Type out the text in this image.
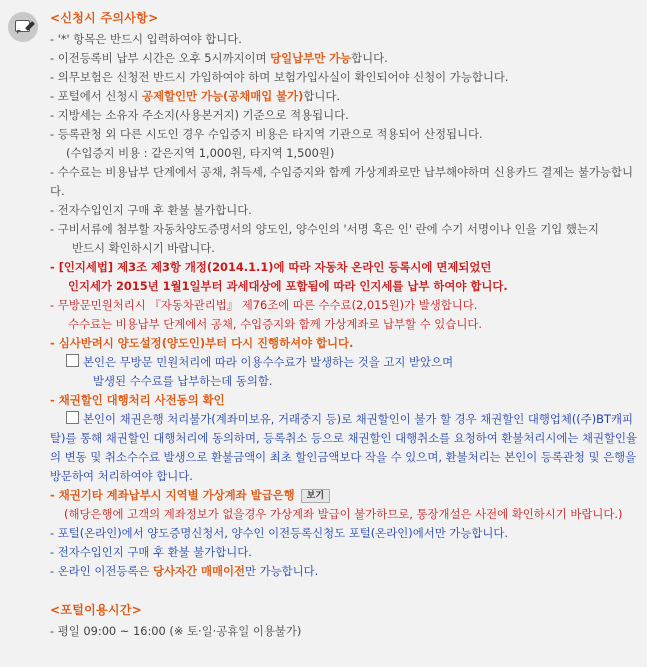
<신청시 주의사항>
- '*' 항목은 반드시 입력하여야 합니다.
- 이전등록비 납부 시간은 오후 5시까지이며 당일납부만 가능합니다.
- 의무보험은 신청전 반드시 가입하여야 하며 보험가입사실이 확인되어야 신청이 가능합니다.
- 포털에서 신청시 공제할인만 가능(공채매입 불가)합니다.
- 지방세는 소유자 주소지(사용본거지) 기준으로 적용됩니다.
- 등록관청 외 다른 시도인 경우 수입증지 비용은 타지역 기관으로 적용되어 산정됩니다.
(수입증지 비용 : 같은지역 1,000원, 타지역 1,500원)
- 수수료는 비용납부 단계에서 공채, 취득세, 수입증지와 함께 가상계좌로만 납부해야하며 신용카드 결제는 불가능합니다.
- 전자수입인지 구매 후 환불 불가합니다.
- 구비서류에 첨부할 자동차양도증명서의 양도인, 양수인의 '서명 혹은 인' 란에 수기 서명이나 인을 기입 했는지
반드시 확인하시기 바랍니다.
- [인지세법] 제3조 제3항 개정(2014.1.1)에 따라 자동차 온라인 등록시에 면제되었던
인지세가 2015년 1월1일부터 과세대상에 포함됨에 따라 인지세를 납부 하여야 합니다.
- 무방문민원처리시 『자동차관리법』 제76조에 따른 수수료(2,015원)가 발생합니다.
수수료는 비용납부 단계에서 공채, 수입증지와 함께 가상계좌로 납부할 수 있습니다.
- 심사반려시 양도설정(양도인)부터 다시 진행하셔야 합니다.
본인은 무방문 민원처리에 따라 이용수수료가 발생하는 것을 고지 받았으며
발생된 수수료를 납부하는데 동의함.
- 채권할인 대행처리 사전동의 확인
본인이 채권은행 처리불가(계좌미보유, 거래중지 등)로 채권할인이 불가 할 경우 채권할인 대행업체((주)BT캐피탈)를 통해 채권할인 대행처리에 동의하며, 등록취소 등으로 채권할인 대행취소를 요청하여 환불처리시에는 채권할인율의 변동 및 취소수수료 발생으로 환불금액이 최초 할인금액보다 작을 수 있으며, 환불처리는 본인이 등록관청 및 은행을 방문하여 처리하여야 합니다.
- 채권기타 계좌납부시 지역별 가상계좌 발급은행 보기
(해당은행에 고객의 계좌정보가 없을경우 가상계좌 발급이 불가하므로, 통장개설은 사전에 확인하시기 바랍니다.)
- 포털(온라인)에서 양도증명신청서, 양수인 이전등록신청도 포털(온라인)에서만 가능합니다.
- 전자수입인지 구매 후 환불 불가합니다.
- 온라인 이전등록은 당사자간 매매이전만 가능합니다.
<포털이용시간>
- 평일 09:00 ~ 16:00 (※ 토·일·공휴일 이용불가)
